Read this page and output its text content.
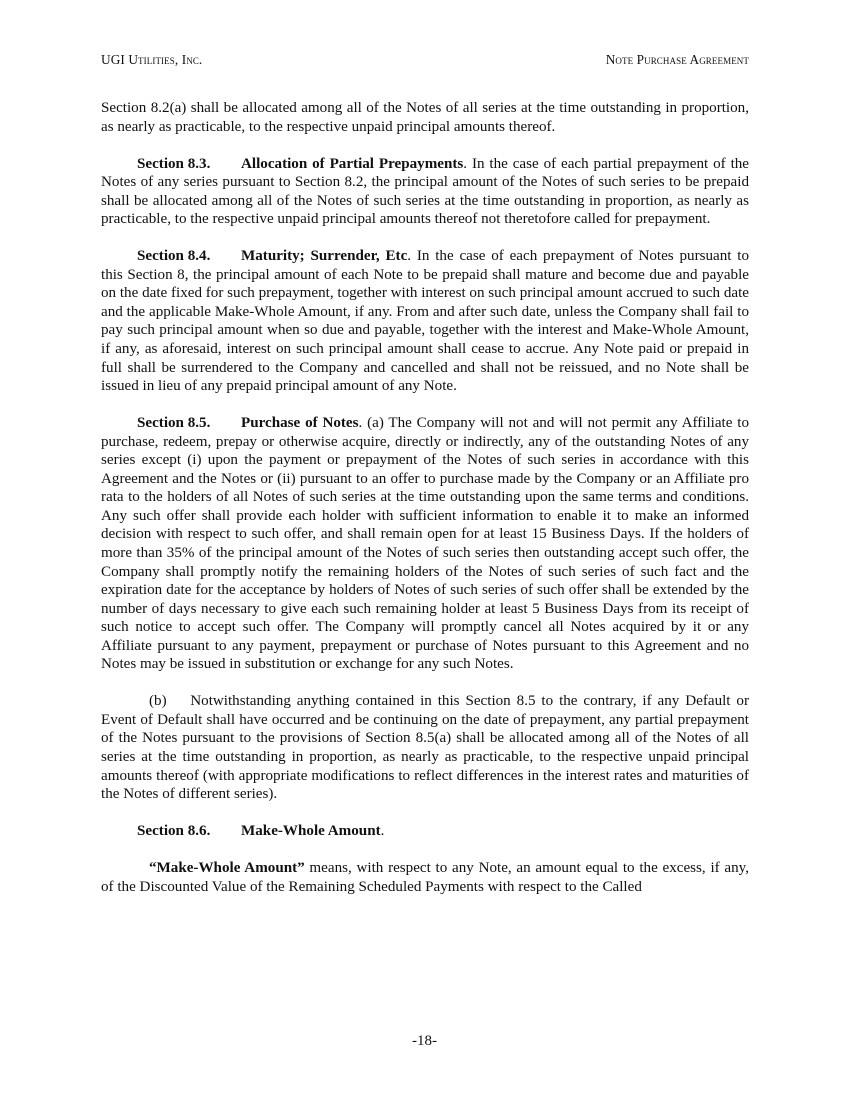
UGI Utilities, Inc.	Note Purchase Agreement

Section 8.2(a) shall be allocated among all of the Notes of all series at the time outstanding in proportion, as nearly as practicable, to the respective unpaid principal amounts thereof.

Section 8.3. Allocation of Partial Prepayments. In the case of each partial prepayment of the Notes of any series pursuant to Section 8.2, the principal amount of the Notes of such series to be prepaid shall be allocated among all of the Notes of such series at the time outstanding in proportion, as nearly as practicable, to the respective unpaid principal amounts thereof not theretofore called for prepayment.

Section 8.4. Maturity; Surrender, Etc. In the case of each prepayment of Notes pursuant to this Section 8, the principal amount of each Note to be prepaid shall mature and become due and payable on the date fixed for such prepayment, together with interest on such principal amount accrued to such date and the applicable Make-Whole Amount, if any. From and after such date, unless the Company shall fail to pay such principal amount when so due and payable, together with the interest and Make-Whole Amount, if any, as aforesaid, interest on such principal amount shall cease to accrue. Any Note paid or prepaid in full shall be surrendered to the Company and cancelled and shall not be reissued, and no Note shall be issued in lieu of any prepaid principal amount of any Note.

Section 8.5. Purchase of Notes. (a) The Company will not and will not permit any Affiliate to purchase, redeem, prepay or otherwise acquire, directly or indirectly, any of the outstanding Notes of any series except (i) upon the payment or prepayment of the Notes of such series in accordance with this Agreement and the Notes or (ii) pursuant to an offer to purchase made by the Company or an Affiliate pro rata to the holders of all Notes of such series at the time outstanding upon the same terms and conditions. Any such offer shall provide each holder with sufficient information to enable it to make an informed decision with respect to such offer, and shall remain open for at least 15 Business Days. If the holders of more than 35% of the principal amount of the Notes of such series then outstanding accept such offer, the Company shall promptly notify the remaining holders of the Notes of such series of such fact and the expiration date for the acceptance by holders of Notes of such series of such offer shall be extended by the number of days necessary to give each such remaining holder at least 5 Business Days from its receipt of such notice to accept such offer. The Company will promptly cancel all Notes acquired by it or any Affiliate pursuant to any payment, prepayment or purchase of Notes pursuant to this Agreement and no Notes may be issued in substitution or exchange for any such Notes.

(b)    Notwithstanding anything contained in this Section 8.5 to the contrary, if any Default or Event of Default shall have occurred and be continuing on the date of prepayment, any partial prepayment of the Notes pursuant to the provisions of Section 8.5(a) shall be allocated among all of the Notes of all series at the time outstanding in proportion, as nearly as practicable, to the respective unpaid principal amounts thereof (with appropriate modifications to reflect differences in the interest rates and maturities of the Notes of different series).

Section 8.6. Make-Whole Amount.

“Make-Whole Amount” means, with respect to any Note, an amount equal to the excess, if any, of the Discounted Value of the Remaining Scheduled Payments with respect to the Called

-18-
